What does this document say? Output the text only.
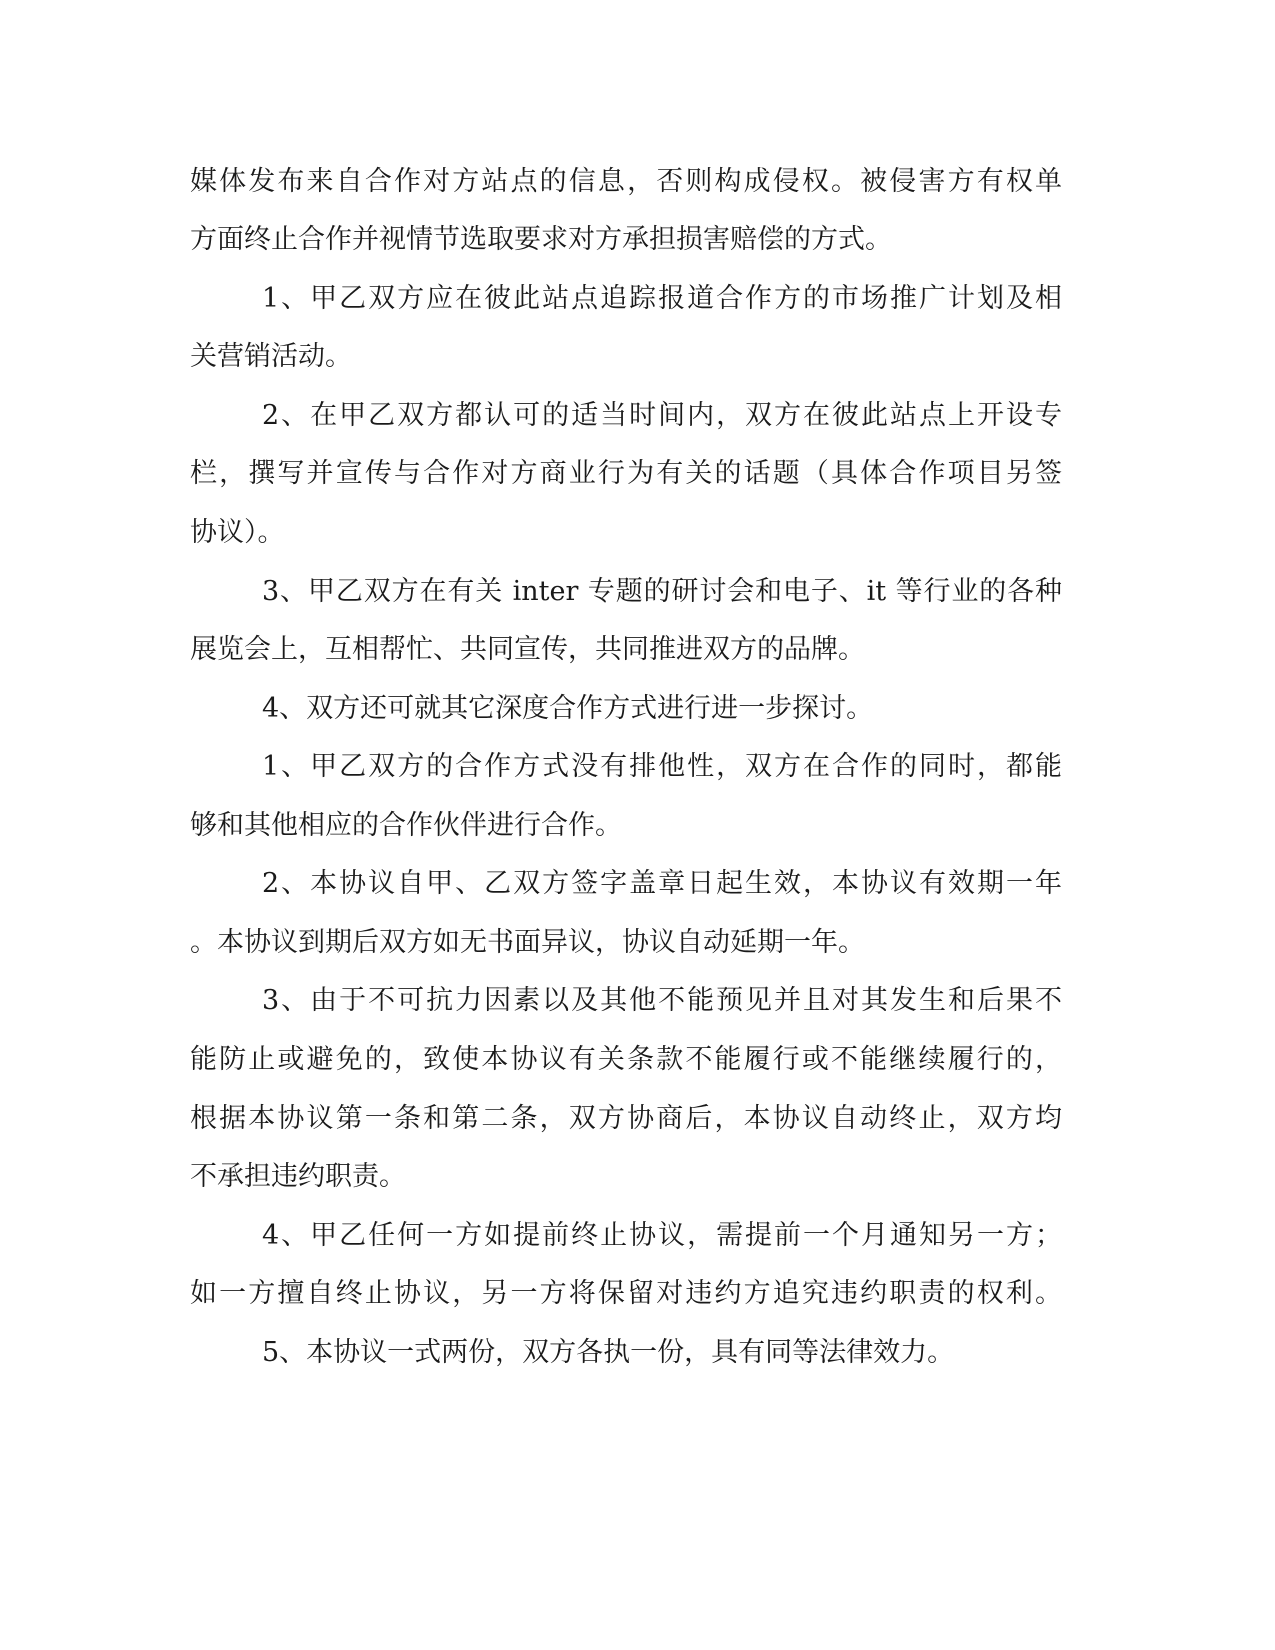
媒体发布来自合作对方站点的信息，否则构成侵权。被侵害方有权单
方面终止合作并视情节选取要求对方承担损害赔偿的方式。
1、甲乙双方应在彼此站点追踪报道合作方的市场推广计划及相
关营销活动。
2、在甲乙双方都认可的适当时间内，双方在彼此站点上开设专
栏，撰写并宣传与合作对方商业行为有关的话题（具体合作项目另签
协议）。
3、甲乙双方在有关 inter 专题的研讨会和电子、it 等行业的各种
展览会上，互相帮忙、共同宣传，共同推进双方的品牌。
4、双方还可就其它深度合作方式进行进一步探讨。
1、甲乙双方的合作方式没有排他性，双方在合作的同时，都能
够和其他相应的合作伙伴进行合作。
2、本协议自甲、乙双方签字盖章日起生效，本协议有效期一年
。本协议到期后双方如无书面异议，协议自动延期一年。
3、由于不可抗力因素以及其他不能预见并且对其发生和后果不
能防止或避免的，致使本协议有关条款不能履行或不能继续履行的，
根据本协议第一条和第二条，双方协商后，本协议自动终止，双方均
不承担违约职责。
4、甲乙任何一方如提前终止协议，需提前一个月通知另一方；
如一方擅自终止协议，另一方将保留对违约方追究违约职责的权利。
5、本协议一式两份，双方各执一份，具有同等法律效力。
